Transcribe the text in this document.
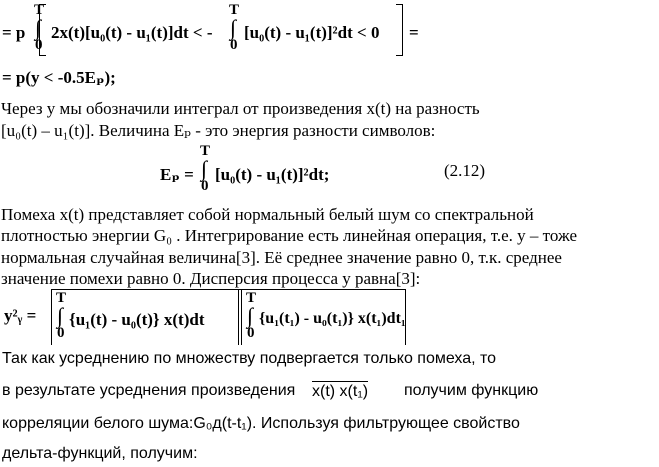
= p
T
∫
0
2x(t)[u₀(t) - u₁(t)]dt < -
T
∫
0
[u₀(t) - u₁(t)]²dt < 0 =
= p(y < -0.5Eₚ);
Через y мы обозначили интеграл от произведения x(t) на разность
[u₀(t) – u₁(t)]. Величина Eₚ - это энергия разности символов:
Eₚ =
T
∫
0
[u₀(t) - u₁(t)]²dt;	(2.12)
Помеха x(t) представляет собой нормальный белый шум со спектральной
плотностью энергии G₀ . Интегрирование есть линейная операция, т.е. y – тоже
нормальная случайная величина[3]. Её среднее значение равно 0, т.к. среднее
значение помехи равно 0. Дисперсия процесса y равна[3]:
y²ᵧ =
T
∫
0
{u₁(t) - u₀(t)} x(t)dt
T
∫
0
{u₁(t₁) - u₀(t₁)} x(t₁)dt₁
Так как усреднению по множеству подвергается только помеха, то
в результате усреднения произведения x(t) x(t₁) получим функцию
корреляции белого шума:G₀д(t-t₁). Используя фильтрующее свойство
дельта-функций, получим:
